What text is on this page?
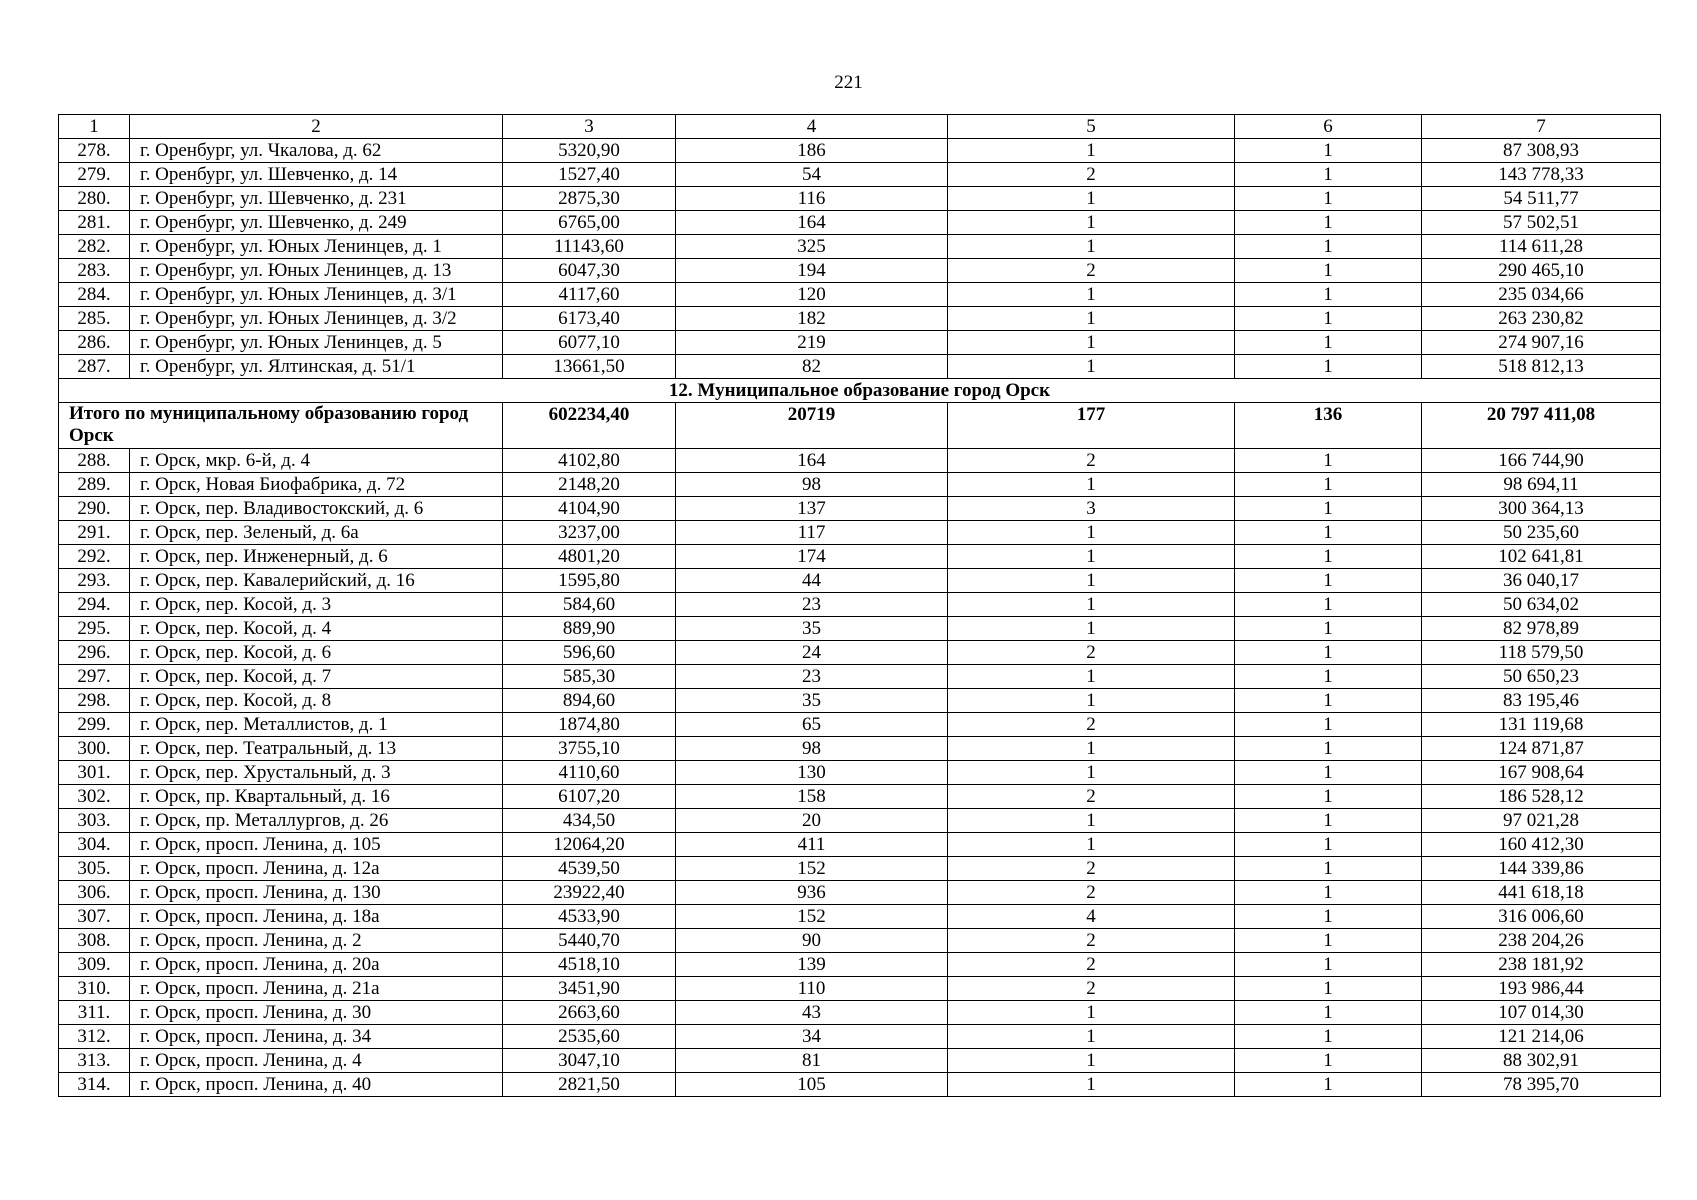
221
1	2	3	4	5	6	7
278.	г. Оренбург, ул. Чкалова, д. 62	5320,90	186	1	1	87 308,93
279.	г. Оренбург, ул. Шевченко, д. 14	1527,40	54	2	1	143 778,33
280.	г. Оренбург, ул. Шевченко, д. 231	2875,30	116	1	1	54 511,77
281.	г. Оренбург, ул. Шевченко, д. 249	6765,00	164	1	1	57 502,51
282.	г. Оренбург, ул. Юных Ленинцев, д. 1	11143,60	325	1	1	114 611,28
283.	г. Оренбург, ул. Юных Ленинцев, д. 13	6047,30	194	2	1	290 465,10
284.	г. Оренбург, ул. Юных Ленинцев, д. 3/1	4117,60	120	1	1	235 034,66
285.	г. Оренбург, ул. Юных Ленинцев, д. 3/2	6173,40	182	1	1	263 230,82
286.	г. Оренбург, ул. Юных Ленинцев, д. 5	6077,10	219	1	1	274 907,16
287.	г. Оренбург, ул. Ялтинская, д. 51/1	13661,50	82	1	1	518 812,13
12. Муниципальное образование город Орск						
Итого по муниципальному образованию город Орск		602234,40	20719	177	136	20 797 411,08
288.	г. Орск, мкр. 6-й, д. 4	4102,80	164	2	1	166 744,90
289.	г. Орск, Новая Биофабрика, д. 72	2148,20	98	1	1	98 694,11
290.	г. Орск, пер. Владивостокский, д. 6	4104,90	137	3	1	300 364,13
291.	г. Орск, пер. Зеленый, д. 6а	3237,00	117	1	1	50 235,60
292.	г. Орск, пер. Инженерный, д. 6	4801,20	174	1	1	102 641,81
293.	г. Орск, пер. Кавалерийский, д. 16	1595,80	44	1	1	36 040,17
294.	г. Орск, пер. Косой, д. 3	584,60	23	1	1	50 634,02
295.	г. Орск, пер. Косой, д. 4	889,90	35	1	1	82 978,89
296.	г. Орск, пер. Косой, д. 6	596,60	24	2	1	118 579,50
297.	г. Орск, пер. Косой, д. 7	585,30	23	1	1	50 650,23
298.	г. Орск, пер. Косой, д. 8	894,60	35	1	1	83 195,46
299.	г. Орск, пер. Металлистов, д. 1	1874,80	65	2	1	131 119,68
300.	г. Орск, пер. Театральный, д. 13	3755,10	98	1	1	124 871,87
301.	г. Орск, пер. Хрустальный, д. 3	4110,60	130	1	1	167 908,64
302.	г. Орск, пр. Квартальный, д. 16	6107,20	158	2	1	186 528,12
303.	г. Орск, пр. Металлургов, д. 26	434,50	20	1	1	97 021,28
304.	г. Орск, просп. Ленина, д. 105	12064,20	411	1	1	160 412,30
305.	г. Орск, просп. Ленина, д. 12а	4539,50	152	2	1	144 339,86
306.	г. Орск, просп. Ленина, д. 130	23922,40	936	2	1	441 618,18
307.	г. Орск, просп. Ленина, д. 18а	4533,90	152	4	1	316 006,60
308.	г. Орск, просп. Ленина, д. 2	5440,70	90	2	1	238 204,26
309.	г. Орск, просп. Ленина, д. 20а	4518,10	139	2	1	238 181,92
310.	г. Орск, просп. Ленина, д. 21а	3451,90	110	2	1	193 986,44
311.	г. Орск, просп. Ленина, д. 30	2663,60	43	1	1	107 014,30
312.	г. Орск, просп. Ленина, д. 34	2535,60	34	1	1	121 214,06
313.	г. Орск, просп. Ленина, д. 4	3047,10	81	1	1	88 302,91
314.	г. Орск, просп. Ленина, д. 40	2821,50	105	1	1	78 395,70
